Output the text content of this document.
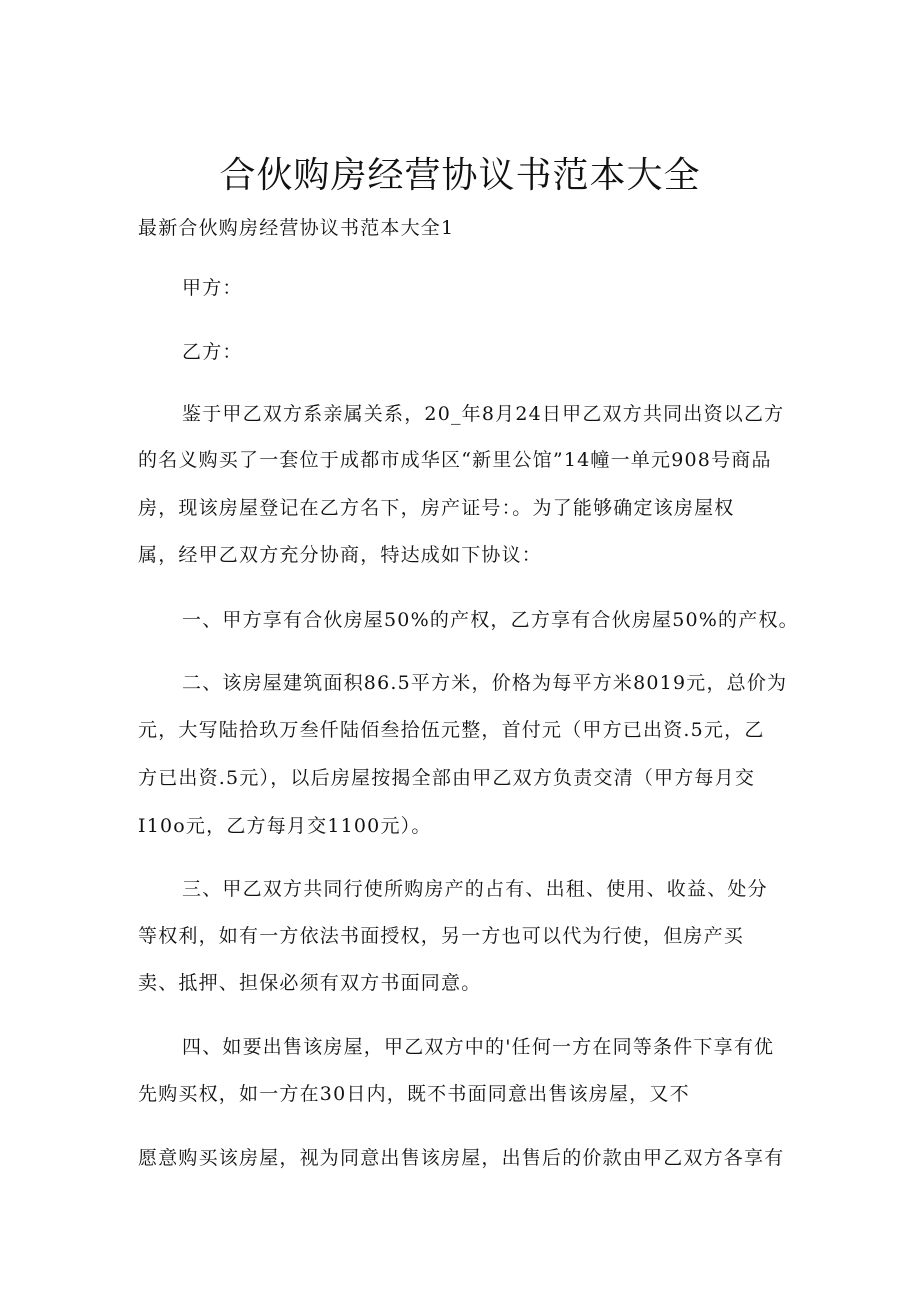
合伙购房经营协议书范本大全
最新合伙购房经营协议书范本大全1
甲方：
乙方：
鉴于甲乙双方系亲属关系，20_年8月24日甲乙双方共同出资以乙方
的名义购买了一套位于成都市成华区“新里公馆”14幢一单元908号商品
房，现该房屋登记在乙方名下，房产证号：。为了能够确定该房屋权
属，经甲乙双方充分协商，特达成如下协议：
一、甲方享有合伙房屋50%的产权，乙方享有合伙房屋50%的产权。
二、该房屋建筑面积86.5平方米，价格为每平方米8019元，总价为
元，大写陆拾玖万叁仟陆佰叁拾伍元整，首付元（甲方已出资.5元，乙
方已出资.5元），以后房屋按揭全部由甲乙双方负责交清（甲方每月交
I10o元，乙方每月交1100元）。
三、甲乙双方共同行使所购房产的占有、出租、使用、收益、处分
等权利，如有一方依法书面授权，另一方也可以代为行使，但房产买
卖、抵押、担保必须有双方书面同意。
四、如要出售该房屋，甲乙双方中的'任何一方在同等条件下享有优
先购买权，如一方在30日内，既不书面同意出售该房屋，又不
愿意购买该房屋，视为同意出售该房屋，出售后的价款由甲乙双方各享有
